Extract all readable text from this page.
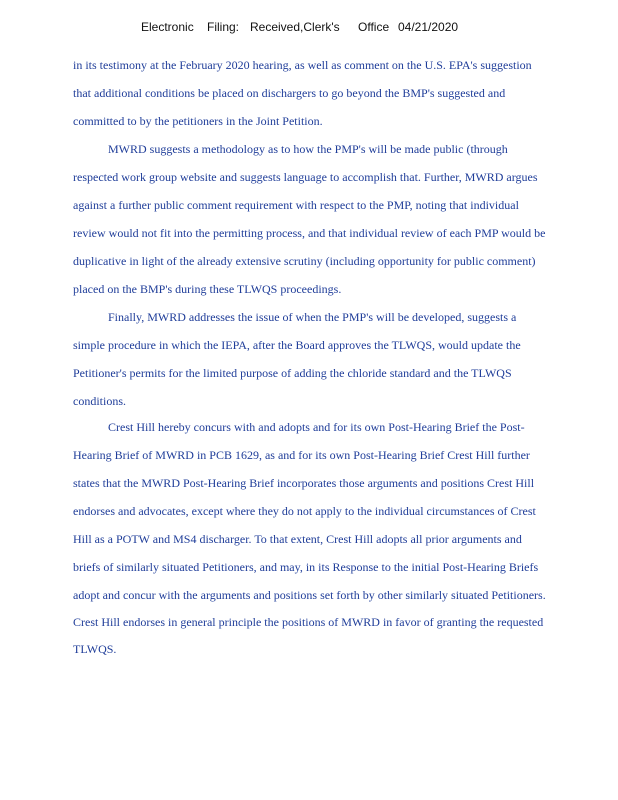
Electronic Filing: Received,Clerk's Office 04/21/2020
in its testimony at the February 2020 hearing, as well as comment on the U.S. EPA's suggestion
that additional conditions be placed on dischargers to go beyond the BMP's suggested and
committed to by the petitioners in the Joint Petition.
MWRD suggests a methodology as to how the PMP's will be made public (through
respected work group website and suggests language to accomplish that. Further, MWRD argues
against a further public comment requirement with respect to the PMP, noting that individual
review would not fit into the permitting process, and that individual review of each PMP would be
duplicative in light of the already extensive scrutiny (including opportunity for public comment)
placed on the BMP's during these TLWQS proceedings.
Finally, MWRD addresses the issue of when the PMP's will be developed, suggests a
simple procedure in which the IEPA, after the Board approves the TLWQS, would update the
Petitioner's permits for the limited purpose of adding the chloride standard and the TLWQS
conditions.
Crest Hill hereby concurs with and adopts and for its own Post-Hearing Brief the Post-
Hearing Brief of MWRD in PCB 1629, as and for its own Post-Hearing Brief Crest Hill further
states that the MWRD Post-Hearing Brief incorporates those arguments and positions Crest Hill
endorses and advocates, except where they do not apply to the individual circumstances of Crest
Hill as a POTW and MS4 discharger. To that extent, Crest Hill adopts all prior arguments and
briefs of similarly situated Petitioners, and may, in its Response to the initial Post-Hearing Briefs
adopt and concur with the arguments and positions set forth by other similarly situated Petitioners.
Crest Hill endorses in general principle the positions of MWRD in favor of granting the requested
TLWQS.
